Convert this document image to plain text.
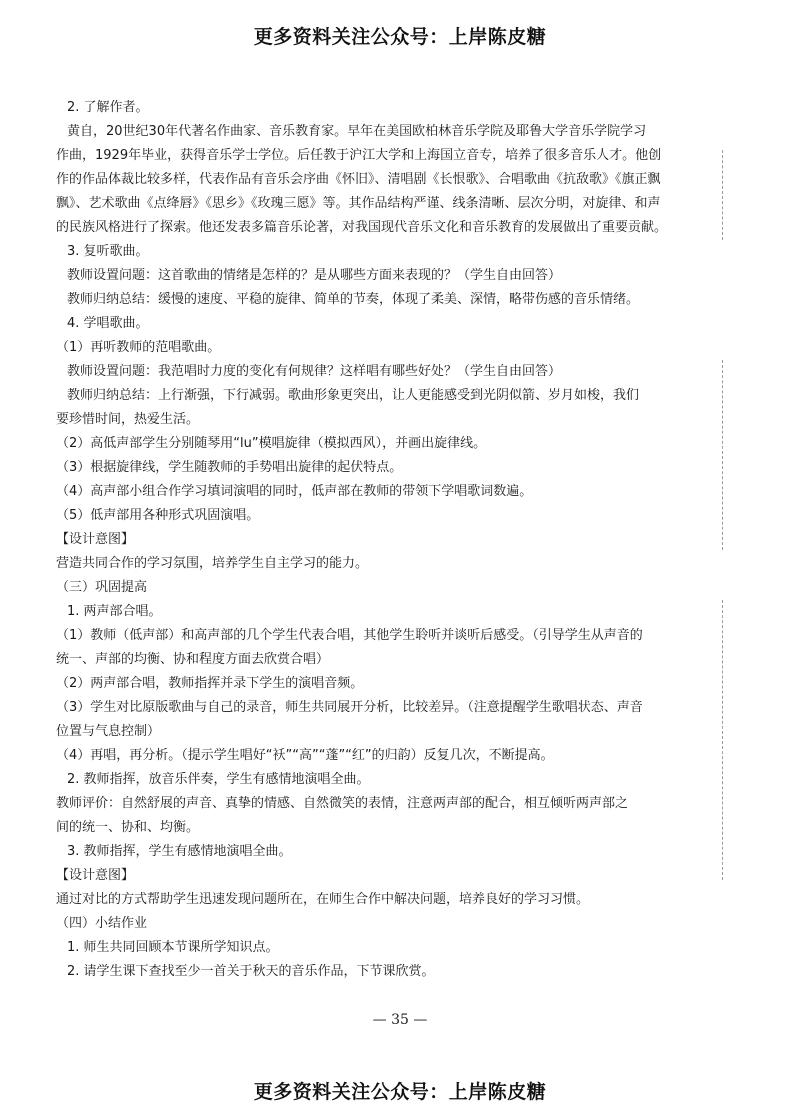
更多资料关注公众号：上岸陈皮糖
2. 了解作者。
黄自，20世纪30年代著名作曲家、音乐教育家。早年在美国欧柏林音乐学院及耶鲁大学音乐学院学习
作曲，1929年毕业，获得音乐学士学位。后任教于沪江大学和上海国立音专，培养了很多音乐人才。他创
作的作品体裁比较多样，代表作品有音乐会序曲《怀旧》、清唱剧《长恨歌》、合唱歌曲《抗敌歌》《旗正飘
飘》、艺术歌曲《点绛唇》《思乡》《玫瑰三愿》等。其作品结构严谨、线条清晰、层次分明，对旋律、和声
的民族风格进行了探索。他还发表多篇音乐论著，对我国现代音乐文化和音乐教育的发展做出了重要贡献。
3. 复听歌曲。
教师设置问题：这首歌曲的情绪是怎样的？是从哪些方面来表现的？（学生自由回答）
教师归纳总结：缓慢的速度、平稳的旋律、简单的节奏，体现了柔美、深情，略带伤感的音乐情绪。
4. 学唱歌曲。
（1）再听教师的范唱歌曲。
教师设置问题：我范唱时力度的变化有何规律？这样唱有哪些好处？（学生自由回答）
教师归纳总结：上行渐强，下行减弱。歌曲形象更突出，让人更能感受到光阴似箭、岁月如梭，我们
要珍惜时间，热爱生活。
（2）高低声部学生分别随琴用“lu”模唱旋律（模拟西风），并画出旋律线。
（3）根据旋律线，学生随教师的手势唱出旋律的起伏特点。
（4）高声部小组合作学习填词演唱的同时，低声部在教师的带领下学唱歌词数遍。
（5）低声部用各种形式巩固演唱。
【设计意图】
营造共同合作的学习氛围，培养学生自主学习的能力。
（三）巩固提高
1. 两声部合唱。
（1）教师（低声部）和高声部的几个学生代表合唱，其他学生聆听并谈听后感受。（引导学生从声音的
统一、声部的均衡、协和程度方面去欣赏合唱）
（2）两声部合唱，教师指挥并录下学生的演唱音频。
（3）学生对比原版歌曲与自己的录音，师生共同展开分析，比较差异。（注意提醒学生歌唱状态、声音
位置与气息控制）
（4）再唱，再分析。（提示学生唱好“袄”“高”“蓬”“红”的归韵）反复几次，不断提高。
2. 教师指挥，放音乐伴奏，学生有感情地演唱全曲。
教师评价：自然舒展的声音、真挚的情感、自然微笑的表情，注意两声部的配合，相互倾听两声部之
间的统一、协和、均衡。
3. 教师指挥，学生有感情地演唱全曲。
【设计意图】
通过对比的方式帮助学生迅速发现问题所在，在师生合作中解决问题，培养良好的学习习惯。
（四）小结作业
1. 师生共同回顾本节课所学知识点。
2. 请学生课下查找至少一首关于秋天的音乐作品，下节课欣赏。
— 35 —
更多资料关注公众号：上岸陈皮糖
